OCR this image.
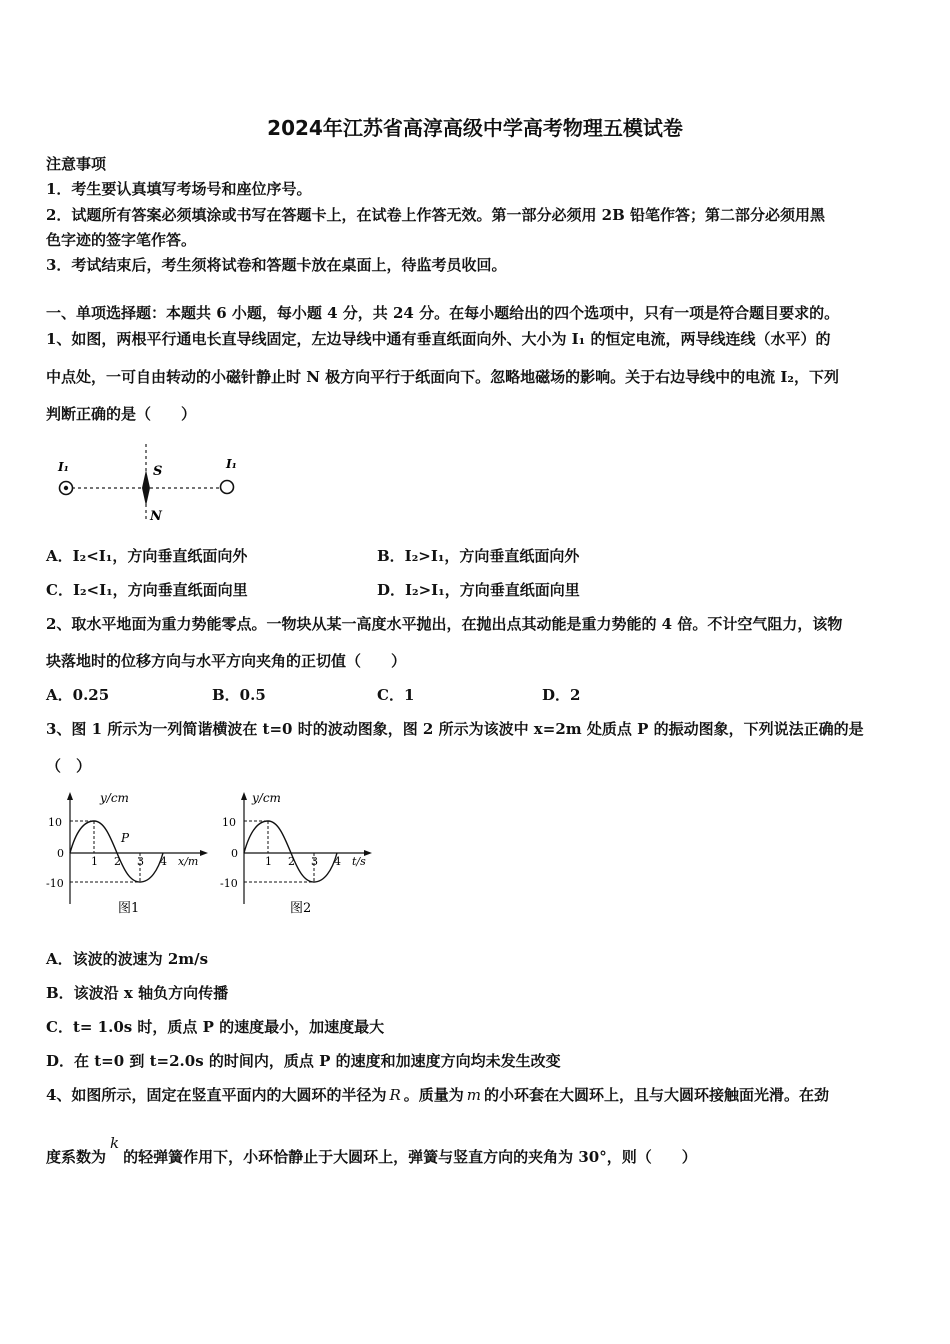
2024年江苏省高淳高级中学高考物理五模试卷
注意事项
1．考生要认真填写考场号和座位序号。
2．试题所有答案必须填涂或书写在答题卡上，在试卷上作答无效。第一部分必须用 2B 铅笔作答；第二部分必须用黑
色字迹的签字笔作答。
3．考试结束后，考生须将试卷和答题卡放在桌面上，待监考员收回。
一、单项选择题：本题共 6 小题，每小题 4 分，共 24 分。在每小题给出的四个选项中，只有一项是符合题目要求的。
1、如图，两根平行通电长直导线固定，左边导线中通有垂直纸面向外、大小为 I₁ 的恒定电流，两导线连线（水平）的
中点处，一可自由转动的小磁针静止时 N 极方向平行于纸面向下。忽略地磁场的影响。关于右边导线中的电流 I₂，下列
判断正确的是（　　）
I₁	I₁
S
N
A．I₂<I₁，方向垂直纸面向外	B．I₂>I₁，方向垂直纸面向外
C．I₂<I₁，方向垂直纸面向里	D．I₂>I₁，方向垂直纸面向里
2、取水平地面为重力势能零点。一物块从某一高度水平抛出，在抛出点其动能是重力势能的 4 倍。不计空气阻力，该物
块落地时的位移方向与水平方向夹角的正切值（　　）
A．0.25	B．0.5	C．1	D．2
3、图 1 所示为一列简谐横波在 t=0 时的波动图象，图 2 所示为该波中 x=2m 处质点 P 的振动图象，下列说法正确的是
（　）
y/cm
x/m
P
10
0
-10
1 2 3 4
图1
y/cm
t/s
10
0
-10
1 2 3 4
图2
A．该波的波速为 2m/s
B．该波沿 x 轴负方向传播
C．t= 1.0s 时，质点 P 的速度最小，加速度最大
D．在 t=0 到 t=2.0s 的时间内，质点 P 的速度和加速度方向均未发生改变
4、如图所示，固定在竖直平面内的大圆环的半径为 R 。质量为 m 的小环套在大圆环上，且与大圆环接触面光滑。在劲
度系数为k的轻弹簧作用下，小环恰静止于大圆环上，弹簧与竖直方向的夹角为 30°，则（　　）
